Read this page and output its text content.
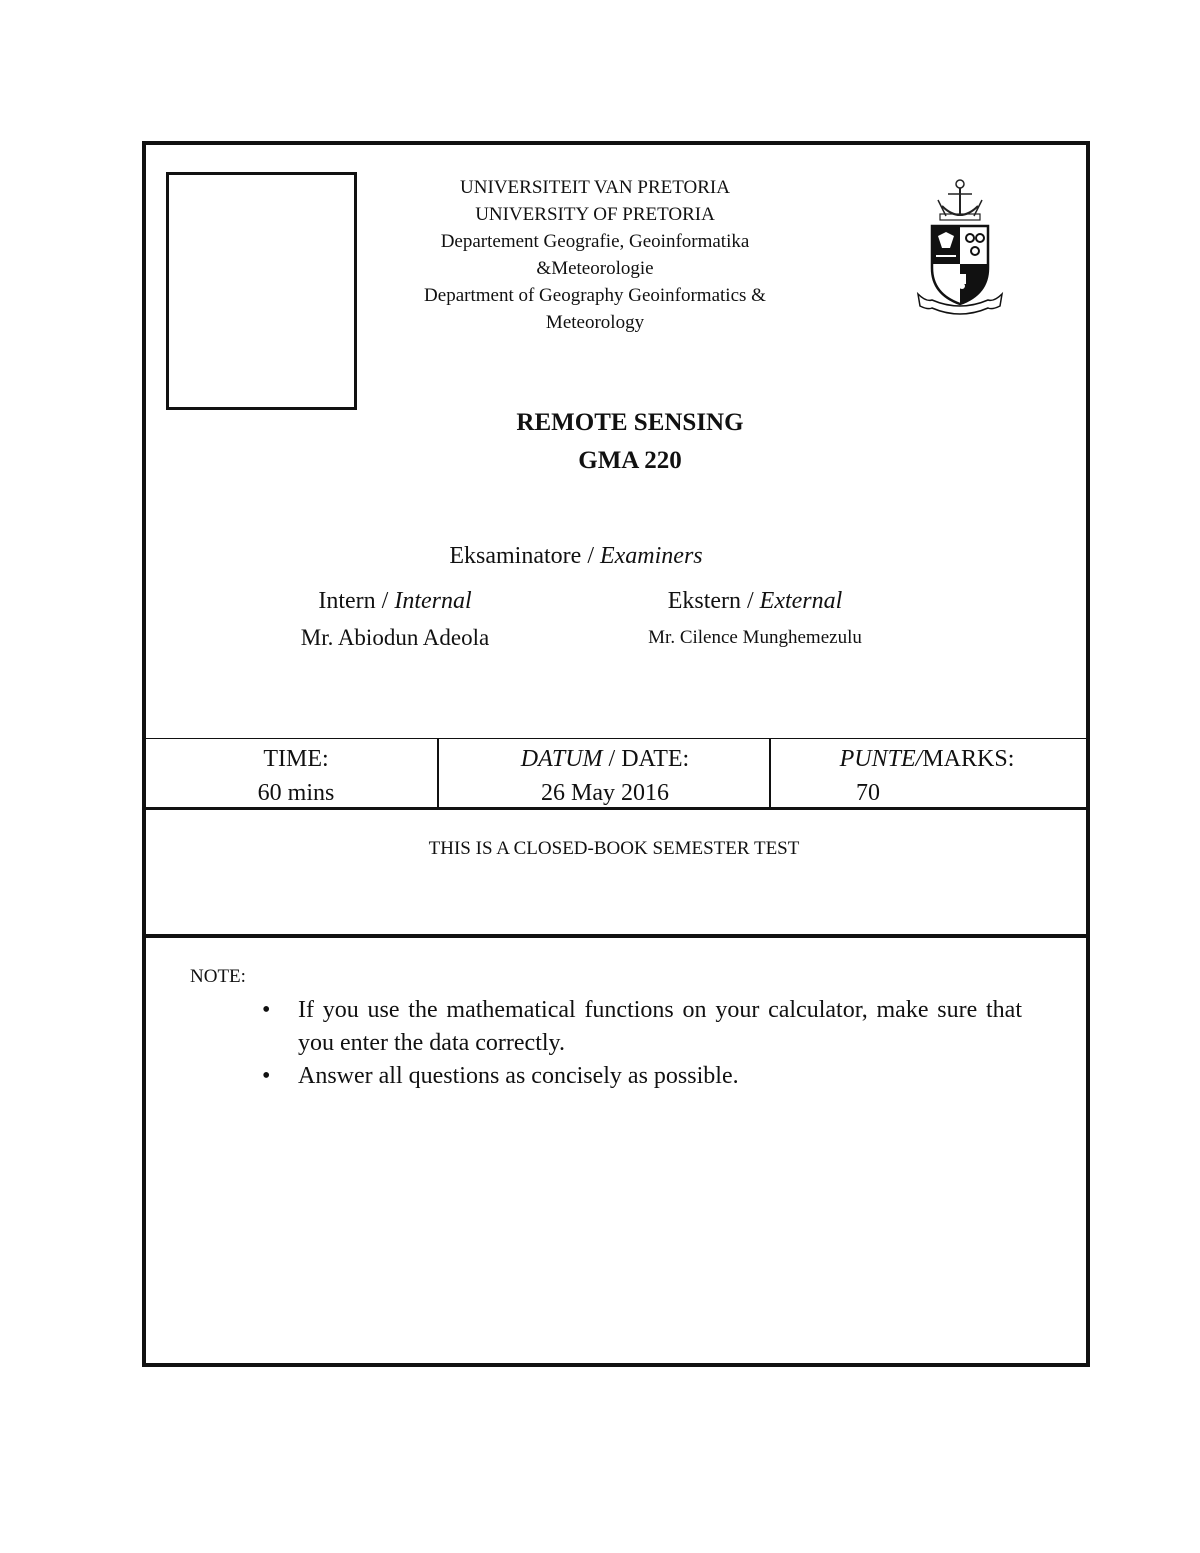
UNIVERSITEIT VAN PRETORIA
UNIVERSITY OF PRETORIA
Departement Geografie, Geoinformatika
&Meteorologie
Department of Geography Geoinformatics &
Meteorology
REMOTE SENSING
GMA 220
Eksaminatore / Examiners
Intern / Internal
Mr. Abiodun Adeola
Ekstern / External
Mr. Cilence Munghemezulu
TIME:
60 mins
DATUM / DATE:
26 May 2016
PUNTE/MARKS:
70
THIS IS A CLOSED-BOOK SEMESTER TEST
NOTE:
• If you use the mathematical functions on your calculator, make sure that you enter the data correctly.
• Answer all questions as concisely as possible.
